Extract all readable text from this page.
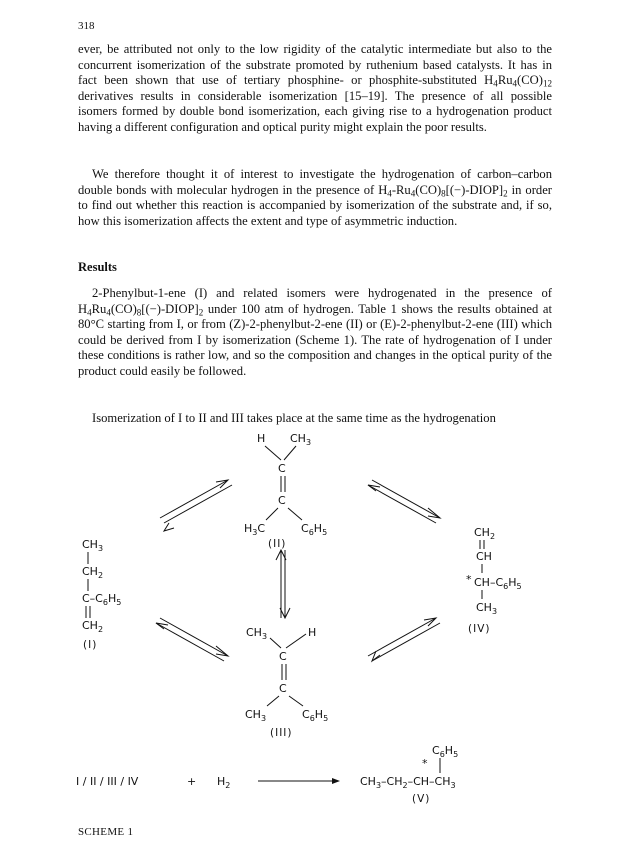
318

ever, be attributed not only to the low rigidity of the catalytic intermediate but also to the concurrent isomerization of the substrate promoted by ruthenium based catalysts. It has in fact been shown that use of tertiary phosphine- or phosphite-substituted $H_4Ru_4(CO)_{12}$ derivatives results in considerable isomerization [15–19]. The presence of all possible isomers formed by double bond isomerization, each giving rise to a hydrogenation product having a different configuration and optical purity might explain the poor results.

We therefore thought it of interest to investigate the hydrogenation of carbon–carbon double bonds with molecular hydrogen in the presence of $H_4-Ru_4(CO)_8[(-)-DIOP]_2$ in order to find out whether this reaction is accompanied by isomerization of the substrate and, if so, how this isomerization affects the extent and type of asymmetric induction.

Results

2-Phenylbut-1-ene (I) and related isomers were hydrogenated in the presence of $H_4Ru_4(CO)_8[(-)-DIOP]_2$ under 100 atm of hydrogen. Table 1 shows the results obtained at 80°C starting from I, or from (Z)-2-phenylbut-2-ene (II) or (E)-2-phenylbut-2-ene (III) which could be derived from I by isomerization (Scheme 1). The rate of hydrogenation of I under these conditions is rather low, and so the composition and changes in the optical purity of the product could easily be followed.

Isomerization of I to II and III takes place at the same time as the hydrogenation

H CH3
C
C
H3C	C6H5
(II)
CH3
CH2
C–C6H5
CH2
(I)
CH2
CH
* CH–C6H5
CH3
(IV)
CH3	H
C
C
CH3	C6H5
(III)
I / II / III / IV	+ H2
C6H5
*
CH3–CH2–CH–CH3
(V)
SCHEME 1
